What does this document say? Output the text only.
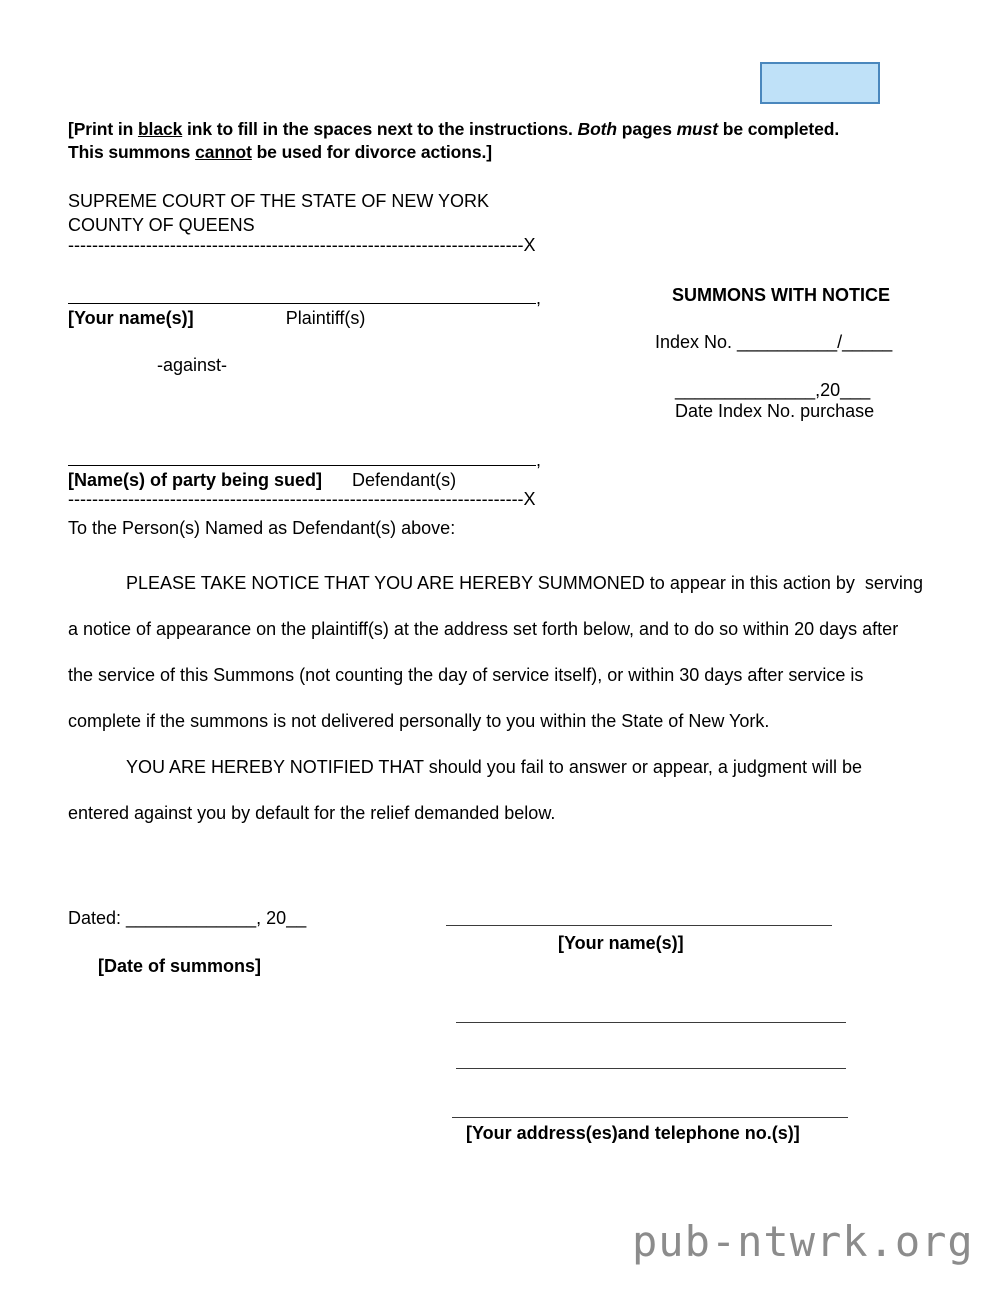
[Print in black ink to fill in the spaces next to the instructions. Both pages must be completed. This summons cannot be used for divorce actions.]
SUPREME COURT OF THE STATE OF NEW YORK
COUNTY OF QUEENS
----------------------------------------------------------------------------X
,
[Your name(s)]	Plaintiff(s)
-against-
,
[Name(s) of party being sued] Defendant(s)
SUMMONS WITH NOTICE
Index No. __________/_____
______________,20___
Date Index No. purchase
----------------------------------------------------------------------------X
To the Person(s) Named as Defendant(s) above:

PLEASE TAKE NOTICE THAT YOU ARE HEREBY SUMMONED to appear in this action by  serving a notice of appearance on the plaintiff(s) at the address set forth below, and to do so within 20 days after the service of this Summons (not counting the day of service itself), or within 30 days after service is complete if the summons is not delivered personally to you within the State of New York.

YOU ARE HEREBY NOTIFIED THAT should you fail to answer or appear, a judgment will be entered against you by default for the relief demanded below.

Dated: _____________, 20__
[Date of summons]
[Your name(s)]
[Your address(es)and telephone no.(s)]
pub-ntwrk.org
